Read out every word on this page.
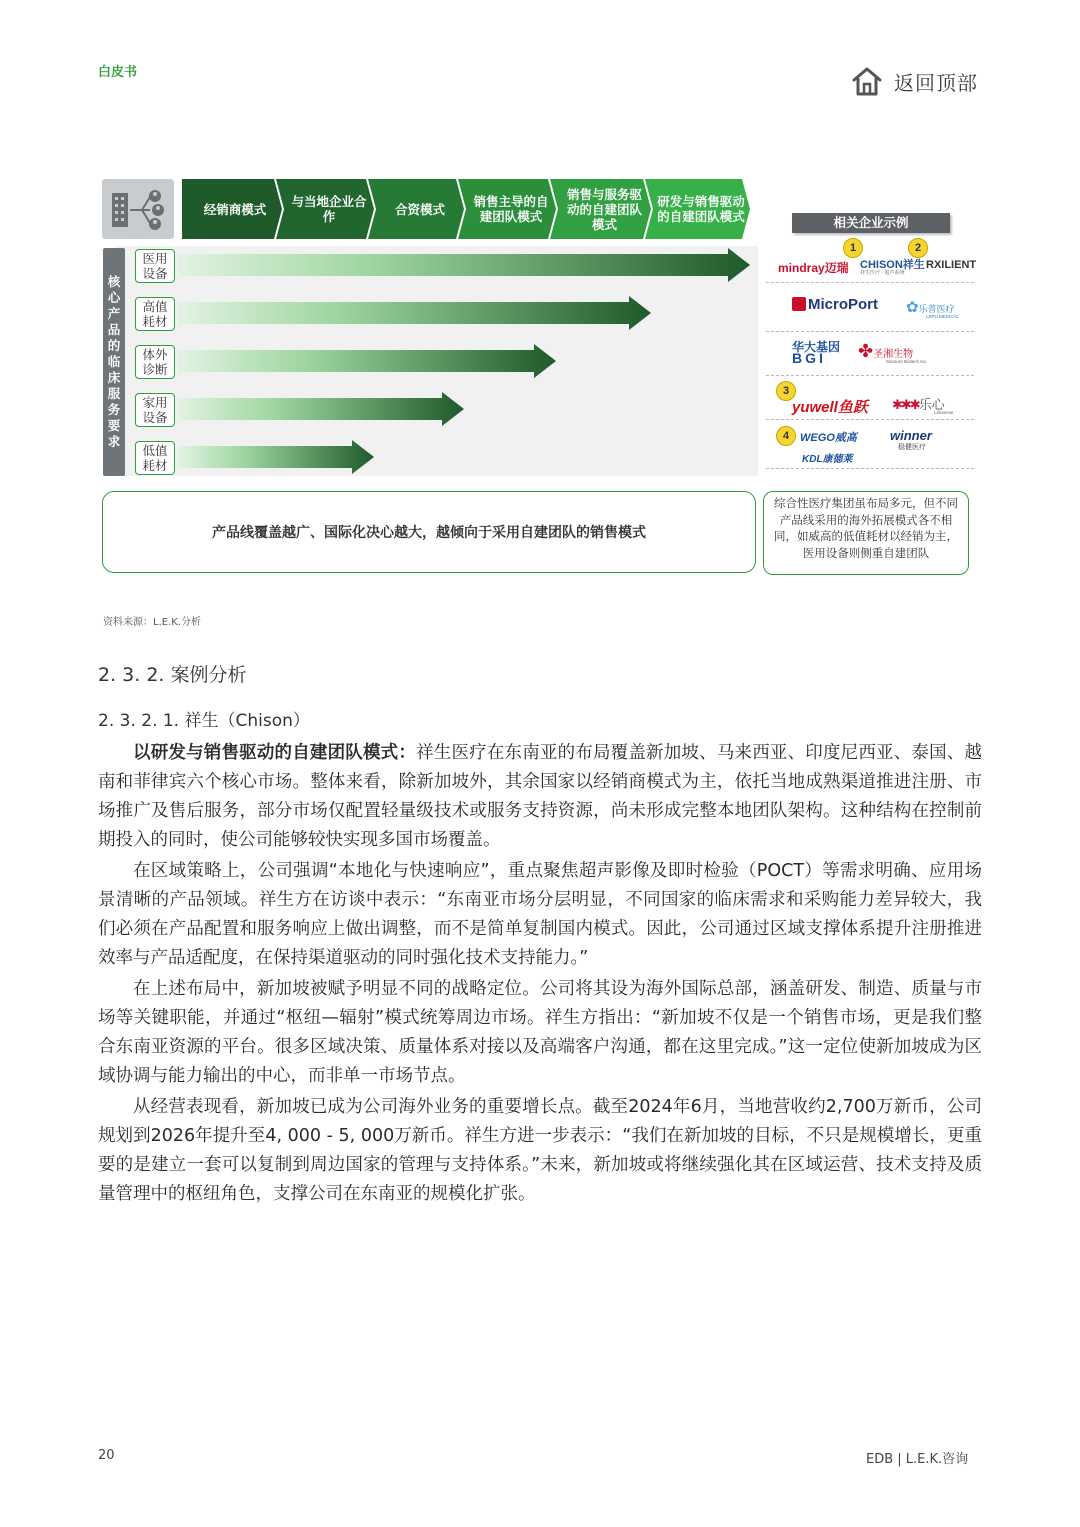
白皮书	返回顶部
经销商模式	与当地企业合作	合资模式	销售主导的自建团队模式
销售与服务驱动的自建团队模式
研发与销售驱动的自建团队模式
核心产品的临床服务要求
医用设备
高值耗材
体外诊断
家用设备
低值耗材
产品线覆盖越广、国际化决心越大，越倾向于采用自建团队的销售模式
综合性医疗集团虽布局多元，但不同产品线采用的海外拓展模式各不相同，如威高的低值耗材以经销为主，医用设备则侧重自建团队
相关企业示例
1	2
mindray迈瑞 CHISON祥生
祥生医疗 · 超声系统
RXILIENT
MicroPort ✿乐普医疗
LEPU MEDICAL
华大基因
BGI ✤圣湘生物
Sansure Biotech Inc.
3
yuwell鱼跃 ✱✱✱乐心
Lifesense
4 WEGO威高	winner
稳健医疗
KDL康德莱
资料来源：L.E.K.分析
2. 3. 2. 案例分析
2. 3. 2. 1. 祥生（Chison）

以研发与销售驱动的自建团队模式：祥生医疗在东南亚的布局覆盖新加坡、马来西亚、印度尼西亚、泰国、越南和菲律宾六个核心市场。整体来看，除新加坡外，其余国家以经销商模式为主，依托当地成熟渠道推进注册、市场推广及售后服务，部分市场仅配置轻量级技术或服务支持资源，尚未形成完整本地团队架构。这种结构在控制前期投入的同时，使公司能够较快实现多国市场覆盖。

在区域策略上，公司强调“本地化与快速响应”，重点聚焦超声影像及即时检验（POCT）等需求明确、应用场景清晰的产品领域。祥生方在访谈中表示：“东南亚市场分层明显，不同国家的临床需求和采购能力差异较大，我们必须在产品配置和服务响应上做出调整，而不是简单复制国内模式。因此，公司通过区域支撑体系提升注册推进效率与产品适配度，在保持渠道驱动的同时强化技术支持能力。”

在上述布局中，新加坡被赋予明显不同的战略定位。公司将其设为海外国际总部，涵盖研发、制造、质量与市场等关键职能，并通过“枢纽—辐射”模式统筹周边市场。祥生方指出：“新加坡不仅是一个销售市场，更是我们整合东南亚资源的平台。很多区域决策、质量体系对接以及高端客户沟通，都在这里完成。”这一定位使新加坡成为区域协调与能力输出的中心，而非单一市场节点。

从经营表现看，新加坡已成为公司海外业务的重要增长点。截至2024年6月，当地营收约2,700万新币，公司规划到2026年提升至4, 000 - 5, 000万新币。祥生方进一步表示：“我们在新加坡的目标，不只是规模增长，更重要的是建立一套可以复制到周边国家的管理与支持体系。”未来，新加坡或将继续强化其在区域运营、技术支持及质量管理中的枢纽角色，支撑公司在东南亚的规模化扩张。

20	EDB | L.E.K.咨询
